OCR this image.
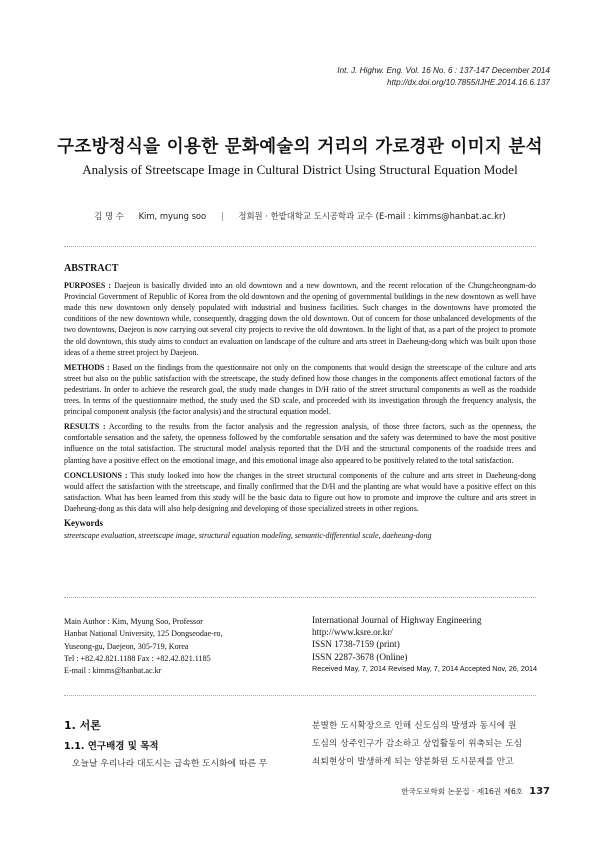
Int. J. Highw. Eng. Vol. 16 No. 6 : 137-147 December 2014
http://dx.doi.org/10.7855/IJHE.2014.16.6.137
구조방정식을 이용한 문화예술의 거리의 가로경관 이미지 분석
Analysis of Streetscape Image in Cultural District Using Structural Equation Model
김 명 수 Kim, myung soo | 정회원 · 한밭대학교 도시공학과 교수 (E-mail : kimms@hanbat.ac.kr)
ABSTRACT

PURPOSES : Daejeon is basically divided into an old downtown and a new downtown, and the recent relocation of the Chungcheongnam-do Provincial Government of Republic of Korea from the old downtown and the opening of governmental buildings in the new downtown as well have made this new downtown only densely populated with industrial and business facilities. Such changes in the downtowns have promoted the conditions of the new downtown while, consequently, dragging down the old downtown. Out of concern for those unbalanced developments of the two downtowns, Daejeon is now carrying out several city projects to revive the old downtown. In the light of that, as a part of the project to promote the old downtown, this study aims to conduct an evaluation on landscape of the culture and arts street in Daeheung-dong which was built upon those ideas of a theme street project by Daejeon.

METHODS : Based on the findings from the questionnaire not only on the components that would design the streetscape of the culture and arts street but also on the public satisfaction with the streetscape, the study defined how those changes in the components affect emotional factors of the pedestrians. In order to achieve the research goal, the study made changes in D/H ratio of the street structural components as well as the roadside trees. In terms of the questionnaire method, the study used the SD scale, and proceeded with its investigation through the frequency analysis, the principal component analysis (the factor analysis) and the structural equation model.

RESULTS : According to the results from the factor analysis and the regression analysis, of those three factors, such as the openness, the comfortable sensation and the safety, the openness followed by the comfortable sensation and the safety was determined to have the most positive influence on the total satisfaction. The structural model analysis reported that the D/H and the structural components of the roadside trees and planting have a positive effect on the emotional image, and this emotional image also appeared to be positively related to the total satisfaction.

CONCLUSIONS : This study looked into how the changes in the street structural components of the culture and arts street in Daeheung-dong would affect the satisfaction with the streetscape, and finally confirmed that the D/H and the planting are what would have a positive effect on this satisfaction. What has been learned from this study will be the basic data to figure out how to promote and improve the culture and arts street in Daeheung-dong as this data will also help designing and developing of those specialized streets in other regions.

Keywords
streetscape evaluation, streetscape image, structural equation modeling, semantic-differential scale, daeheung-dong
Main Author : Kim, Myung Soo, Professor
Hanbat National University, 125 Dongseodae-ro,
Yuseong-gu, Daejeon, 305-719, Korea
Tel : +82.42.821.1188 Fax : +82.42.821.1185
E-mail : kimms@hanbat.ac.kr
International Journal of Highway Engineering
http://www.ksre.or.kr/
ISSN 1738-7159 (print)
ISSN 2287-3678 (Online)
Received May, 7, 2014 Revised May, 7, 2014 Accepted Nov, 26, 2014
1. 서론
1.1. 연구배경 및 목적
오늘날 우리나라 대도시는 급속한 도시화에 따른 무
분별한 도시확장으로 인해 신도심의 발생과 동시에 원
도심의 상주인구가 감소하고 상업활동이 위축되는 도심
쇠퇴현상이 발생하게 되는 양분화된 도시문제를 안고
한국도로학회 논문집 · 제16권 제6호 137
